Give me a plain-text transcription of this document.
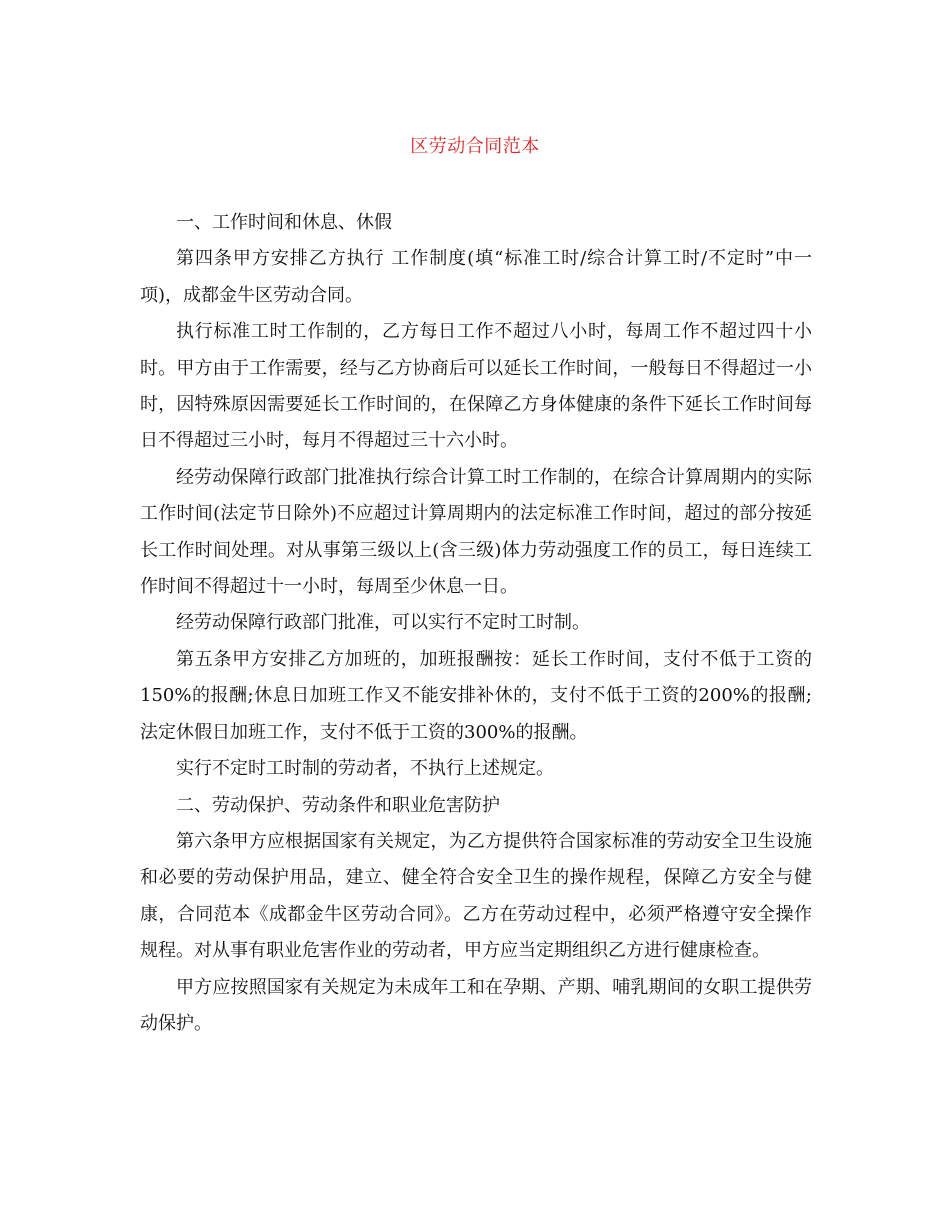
区劳动合同范本

一、工作时间和休息、休假

第四条甲方安排乙方执行 工作制度(填“标准工时/综合计算工时/不定时”中一项)，成都金牛区劳动合同。

执行标准工时工作制的，乙方每日工作不超过八小时，每周工作不超过四十小时。甲方由于工作需要，经与乙方协商后可以延长工作时间，一般每日不得超过一小时，因特殊原因需要延长工作时间的，在保障乙方身体健康的条件下延长工作时间每日不得超过三小时，每月不得超过三十六小时。

经劳动保障行政部门批准执行综合计算工时工作制的，在综合计算周期内的实际工作时间(法定节日除外)不应超过计算周期内的法定标准工作时间，超过的部分按延长工作时间处理。对从事第三级以上(含三级)体力劳动强度工作的员工，每日连续工作时间不得超过十一小时，每周至少休息一日。

经劳动保障行政部门批准，可以实行不定时工时制。

第五条甲方安排乙方加班的，加班报酬按：延长工作时间，支付不低于工资的150%的报酬;休息日加班工作又不能安排补休的，支付不低于工资的200%的报酬;法定休假日加班工作，支付不低于工资的300%的报酬。

实行不定时工时制的劳动者，不执行上述规定。

二、劳动保护、劳动条件和职业危害防护

第六条甲方应根据国家有关规定，为乙方提供符合国家标准的劳动安全卫生设施和必要的劳动保护用品，建立、健全符合安全卫生的操作规程，保障乙方安全与健康，合同范本《成都金牛区劳动合同》。乙方在劳动过程中，必须严格遵守安全操作规程。对从事有职业危害作业的劳动者，甲方应当定期组织乙方进行健康检查。

甲方应按照国家有关规定为未成年工和在孕期、产期、哺乳期间的女职工提供劳动保护。
